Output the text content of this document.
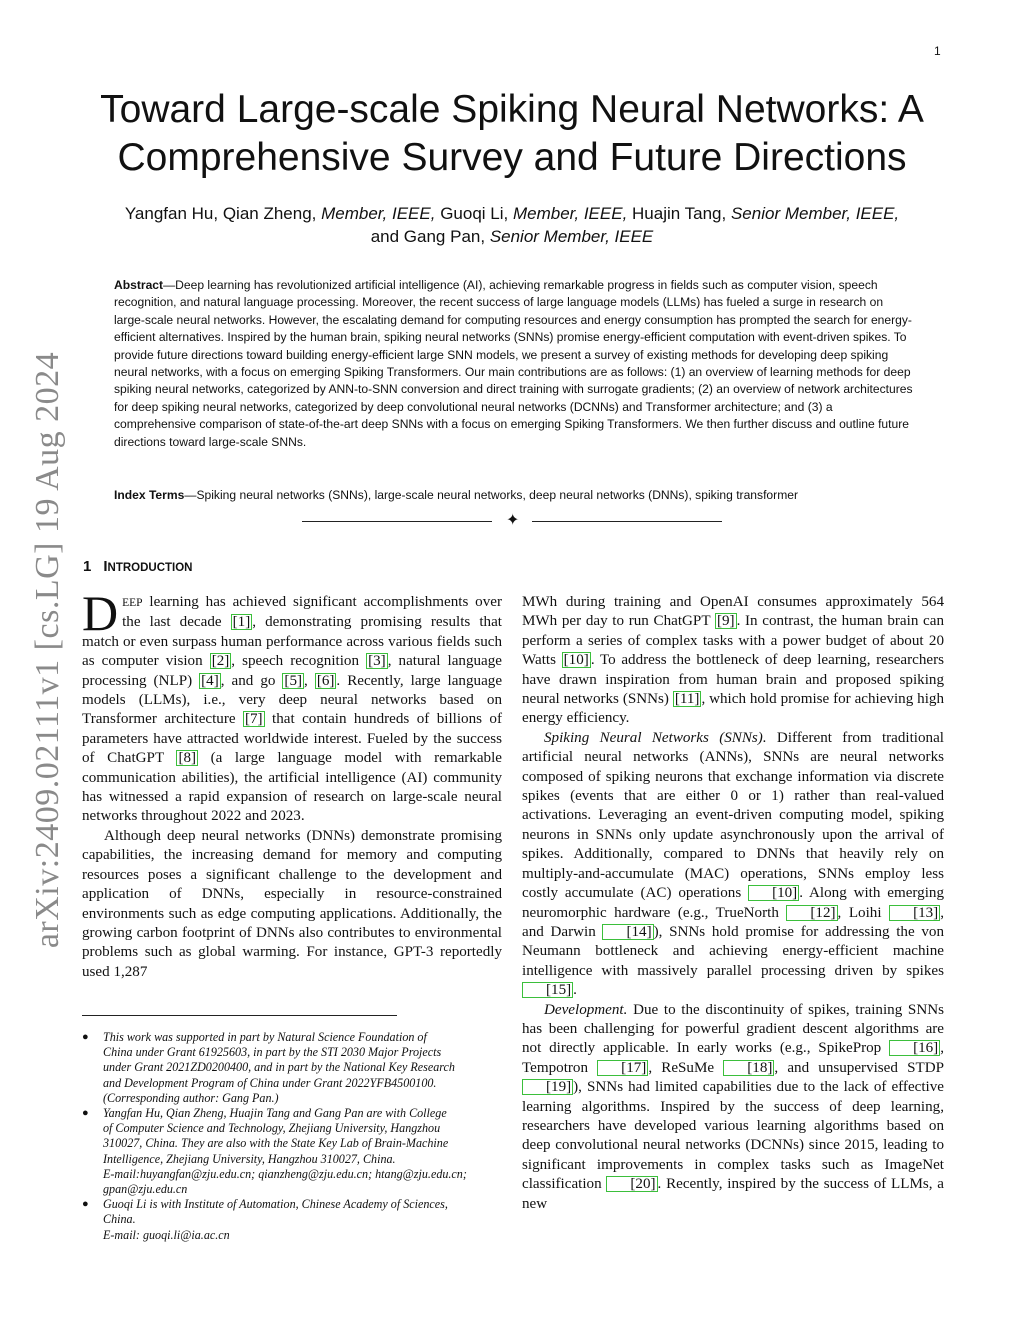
1
arXiv:2409.02111v1 [cs.LG] 19 Aug 2024
Toward Large-scale Spiking Neural Networks: A Comprehensive Survey and Future Directions
Yangfan Hu, Qian Zheng, Member, IEEE, Guoqi Li, Member, IEEE, Huajin Tang, Senior Member, IEEE,
and Gang Pan, Senior Member, IEEE

Abstract—Deep learning has revolutionized artificial intelligence (AI), achieving remarkable progress in fields such as computer vision, speech recognition, and natural language processing. Moreover, the recent success of large language models (LLMs) has fueled a surge in research on large-scale neural networks. However, the escalating demand for computing resources and energy consumption has prompted the search for energy-efficient alternatives. Inspired by the human brain, spiking neural networks (SNNs) promise energy-efficient computation with event-driven spikes. To provide future directions toward building energy-efficient large SNN models, we present a survey of existing methods for developing deep spiking neural networks, with a focus on emerging Spiking Transformers. Our main contributions are as follows: (1) an overview of learning methods for deep spiking neural networks, categorized by ANN-to-SNN conversion and direct training with surrogate gradients; (2) an overview of network architectures for deep spiking neural networks, categorized by deep convolutional neural networks (DCNNs) and Transformer architecture; and (3) a comprehensive comparison of state-of-the-art deep SNNs with a focus on emerging Spiking Transformers. We then further discuss and outline future directions toward large-scale SNNs.

Index Terms—Spiking neural networks (SNNs), large-scale neural networks, deep neural networks (DNNs), spiking transformer
✦
1 INTRODUCTION

DEEP learning has achieved significant accomplishments over the last decade [1] , demonstrating promising results that match or even surpass human performance across various fields such as computer vision [2] , speech recognition [3] , natural language processing (NLP) [4] , and go [5] , [6] . Recently, large language models (LLMs), i.e., very deep neural networks based on Transformer architecture [7] that contain hundreds of billions of parameters have attracted worldwide interest. Fueled by the success of ChatGPT [8] (a large language model with remarkable communication abilities), the artificial intelligence (AI) community has witnessed a rapid expansion of research on large-scale neural networks throughout 2022 and 2023.

Although deep neural networks (DNNs) demonstrate promising capabilities, the increasing demand for memory and computing resources poses a significant challenge to the development and application of DNNs, especially in resource-constrained environments such as edge computing applications. Additionally, the growing carbon footprint of DNNs also contributes to environmental problems such as global warming. For instance, GPT-3 reportedly used 1,287

MWh during training and OpenAI consumes approximately 564 MWh per day to run ChatGPT [9] . In contrast, the human brain can perform a series of complex tasks with a power budget of about 20 Watts [10] . To address the bottleneck of deep learning, researchers have drawn inspiration from human brain and proposed spiking neural networks (SNNs) [11] , which hold promise for achieving high energy efficiency.

Spiking Neural Networks (SNNs). Different from traditional artificial neural networks (ANNs), SNNs are neural networks composed of spiking neurons that exchange information via discrete spikes (events that are either 0 or 1) rather than real-valued activations. Leveraging an event-driven computing model, spiking neurons in SNNs only update asynchronously upon the arrival of spikes. Additionally, compared to DNNs that heavily rely on multiply-and-accumulate (MAC) operations, SNNs employ less costly accumulate (AC) operations [10] . Along with emerging neuromorphic hardware (e.g., TrueNorth [12] , Loihi [13] , and Darwin [14] ), SNNs hold promise for addressing the von Neumann bottleneck and achieving energy-efficient machine intelligence with massively parallel processing driven by spikes [15] .

Development. Due to the discontinuity of spikes, training SNNs has been challenging for powerful gradient descent algorithms are not directly applicable. In early works (e.g., SpikeProp [16] , Tempotron [17] , ReSuMe [18] , and unsupervised STDP [19] ), SNNs had limited capabilities due to the lack of effective learning algorithms. Inspired by the success of deep learning, researchers have developed various learning algorithms based on deep convolutional neural networks (DCNNs) since 2015, leading to significant improvements in complex tasks such as ImageNet classification [20] . Recently, inspired by the success of LLMs, a new

● This work was supported in part by Natural Science Foundation of
China under Grant 61925603, in part by the STI 2030 Major Projects
under Grant 2021ZD0200400, and in part by the National Key Research
and Development Program of China under Grant 2022YFB4500100.
(Corresponding author: Gang Pan.)
● Yangfan Hu, Qian Zheng, Huajin Tang and Gang Pan are with College
of Computer Science and Technology, Zhejiang University, Hangzhou
310027, China. They are also with the State Key Lab of Brain-Machine
Intelligence, Zhejiang University, Hangzhou 310027, China.
E-mail:huyangfan@zju.edu.cn; qianzheng@zju.edu.cn; htang@zju.edu.cn;
gpan@zju.edu.cn
● Guoqi Li is with Institute of Automation, Chinese Academy of Sciences,
China.
E-mail: guoqi.li@ia.ac.cn
